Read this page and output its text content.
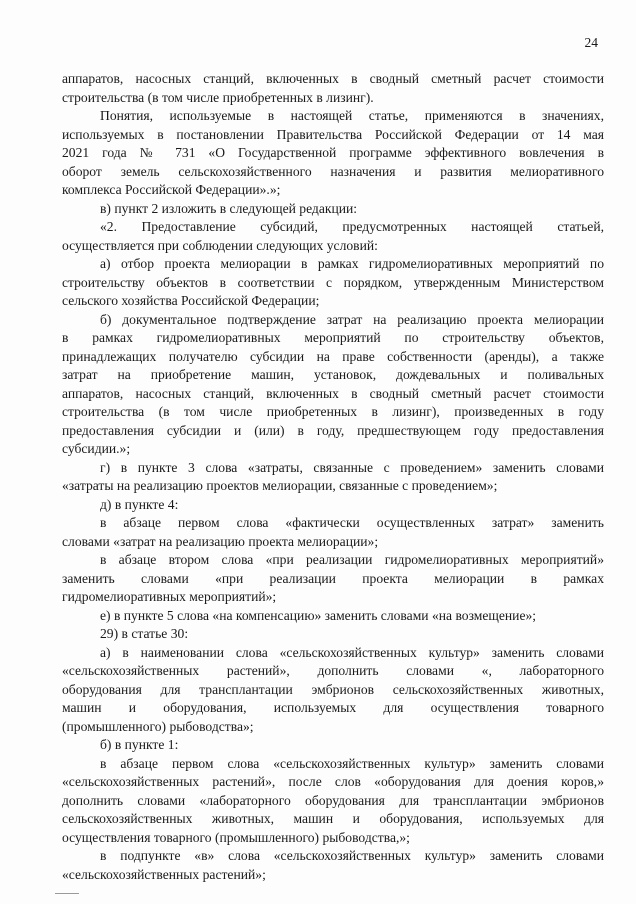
24
аппаратов, насосных станций, включенных в сводный сметный расчет стоимости
строительства (в том числе приобретенных в лизинг).
Понятия, используемые в настоящей статье, применяются в значениях,
используемых в постановлении Правительства Российской Федерации от 14 мая
2021 года № 731 «О Государственной программе эффективного вовлечения в
оборот земель сельскохозяйственного назначения и развития мелиоративного
комплекса Российской Федерации».»;
в) пункт 2 изложить в следующей редакции:
«2. Предоставление субсидий, предусмотренных настоящей статьей,
осуществляется при соблюдении следующих условий:
а) отбор проекта мелиорации в рамках гидромелиоративных мероприятий по
строительству объектов в соответствии с порядком, утвержденным Министерством
сельского хозяйства Российской Федерации;
б) документальное подтверждение затрат на реализацию проекта мелиорации
в рамках гидромелиоративных мероприятий по строительству объектов,
принадлежащих получателю субсидии на праве собственности (аренды), а также
затрат на приобретение машин, установок, дождевальных и поливальных
аппаратов, насосных станций, включенных в сводный сметный расчет стоимости
строительства (в том числе приобретенных в лизинг), произведенных в году
предоставления субсидии и (или) в году, предшествующем году предоставления
субсидии.»;
г) в пункте 3 слова «затраты, связанные с проведением» заменить словами
«затраты на реализацию проектов мелиорации, связанные с проведением»;
д) в пункте 4:
в абзаце первом слова «фактически осуществленных затрат» заменить
словами «затрат на реализацию проекта мелиорации»;
в абзаце втором слова «при реализации гидромелиоративных мероприятий»
заменить словами «при реализации проекта мелиорации в рамках
гидромелиоративных мероприятий»;
е) в пункте 5 слова «на компенсацию» заменить словами «на возмещение»;
29) в статье 30:
а) в наименовании слова «сельскохозяйственных культур» заменить словами
«сельскохозяйственных растений», дополнить словами «, лабораторного
оборудования для трансплантации эмбрионов сельскохозяйственных животных,
машин и оборудования, используемых для осуществления товарного
(промышленного) рыбоводства»;
б) в пункте 1:
в абзаце первом слова «сельскохозяйственных культур» заменить словами
«сельскохозяйственных растений», после слов «оборудования для доения коров,»
дополнить словами «лабораторного оборудования для трансплантации эмбрионов
сельскохозяйственных животных, машин и оборудования, используемых для
осуществления товарного (промышленного) рыбоводства,»;
в подпункте «в» слова «сельскохозяйственных культур» заменить словами
«сельскохозяйственных растений»;
